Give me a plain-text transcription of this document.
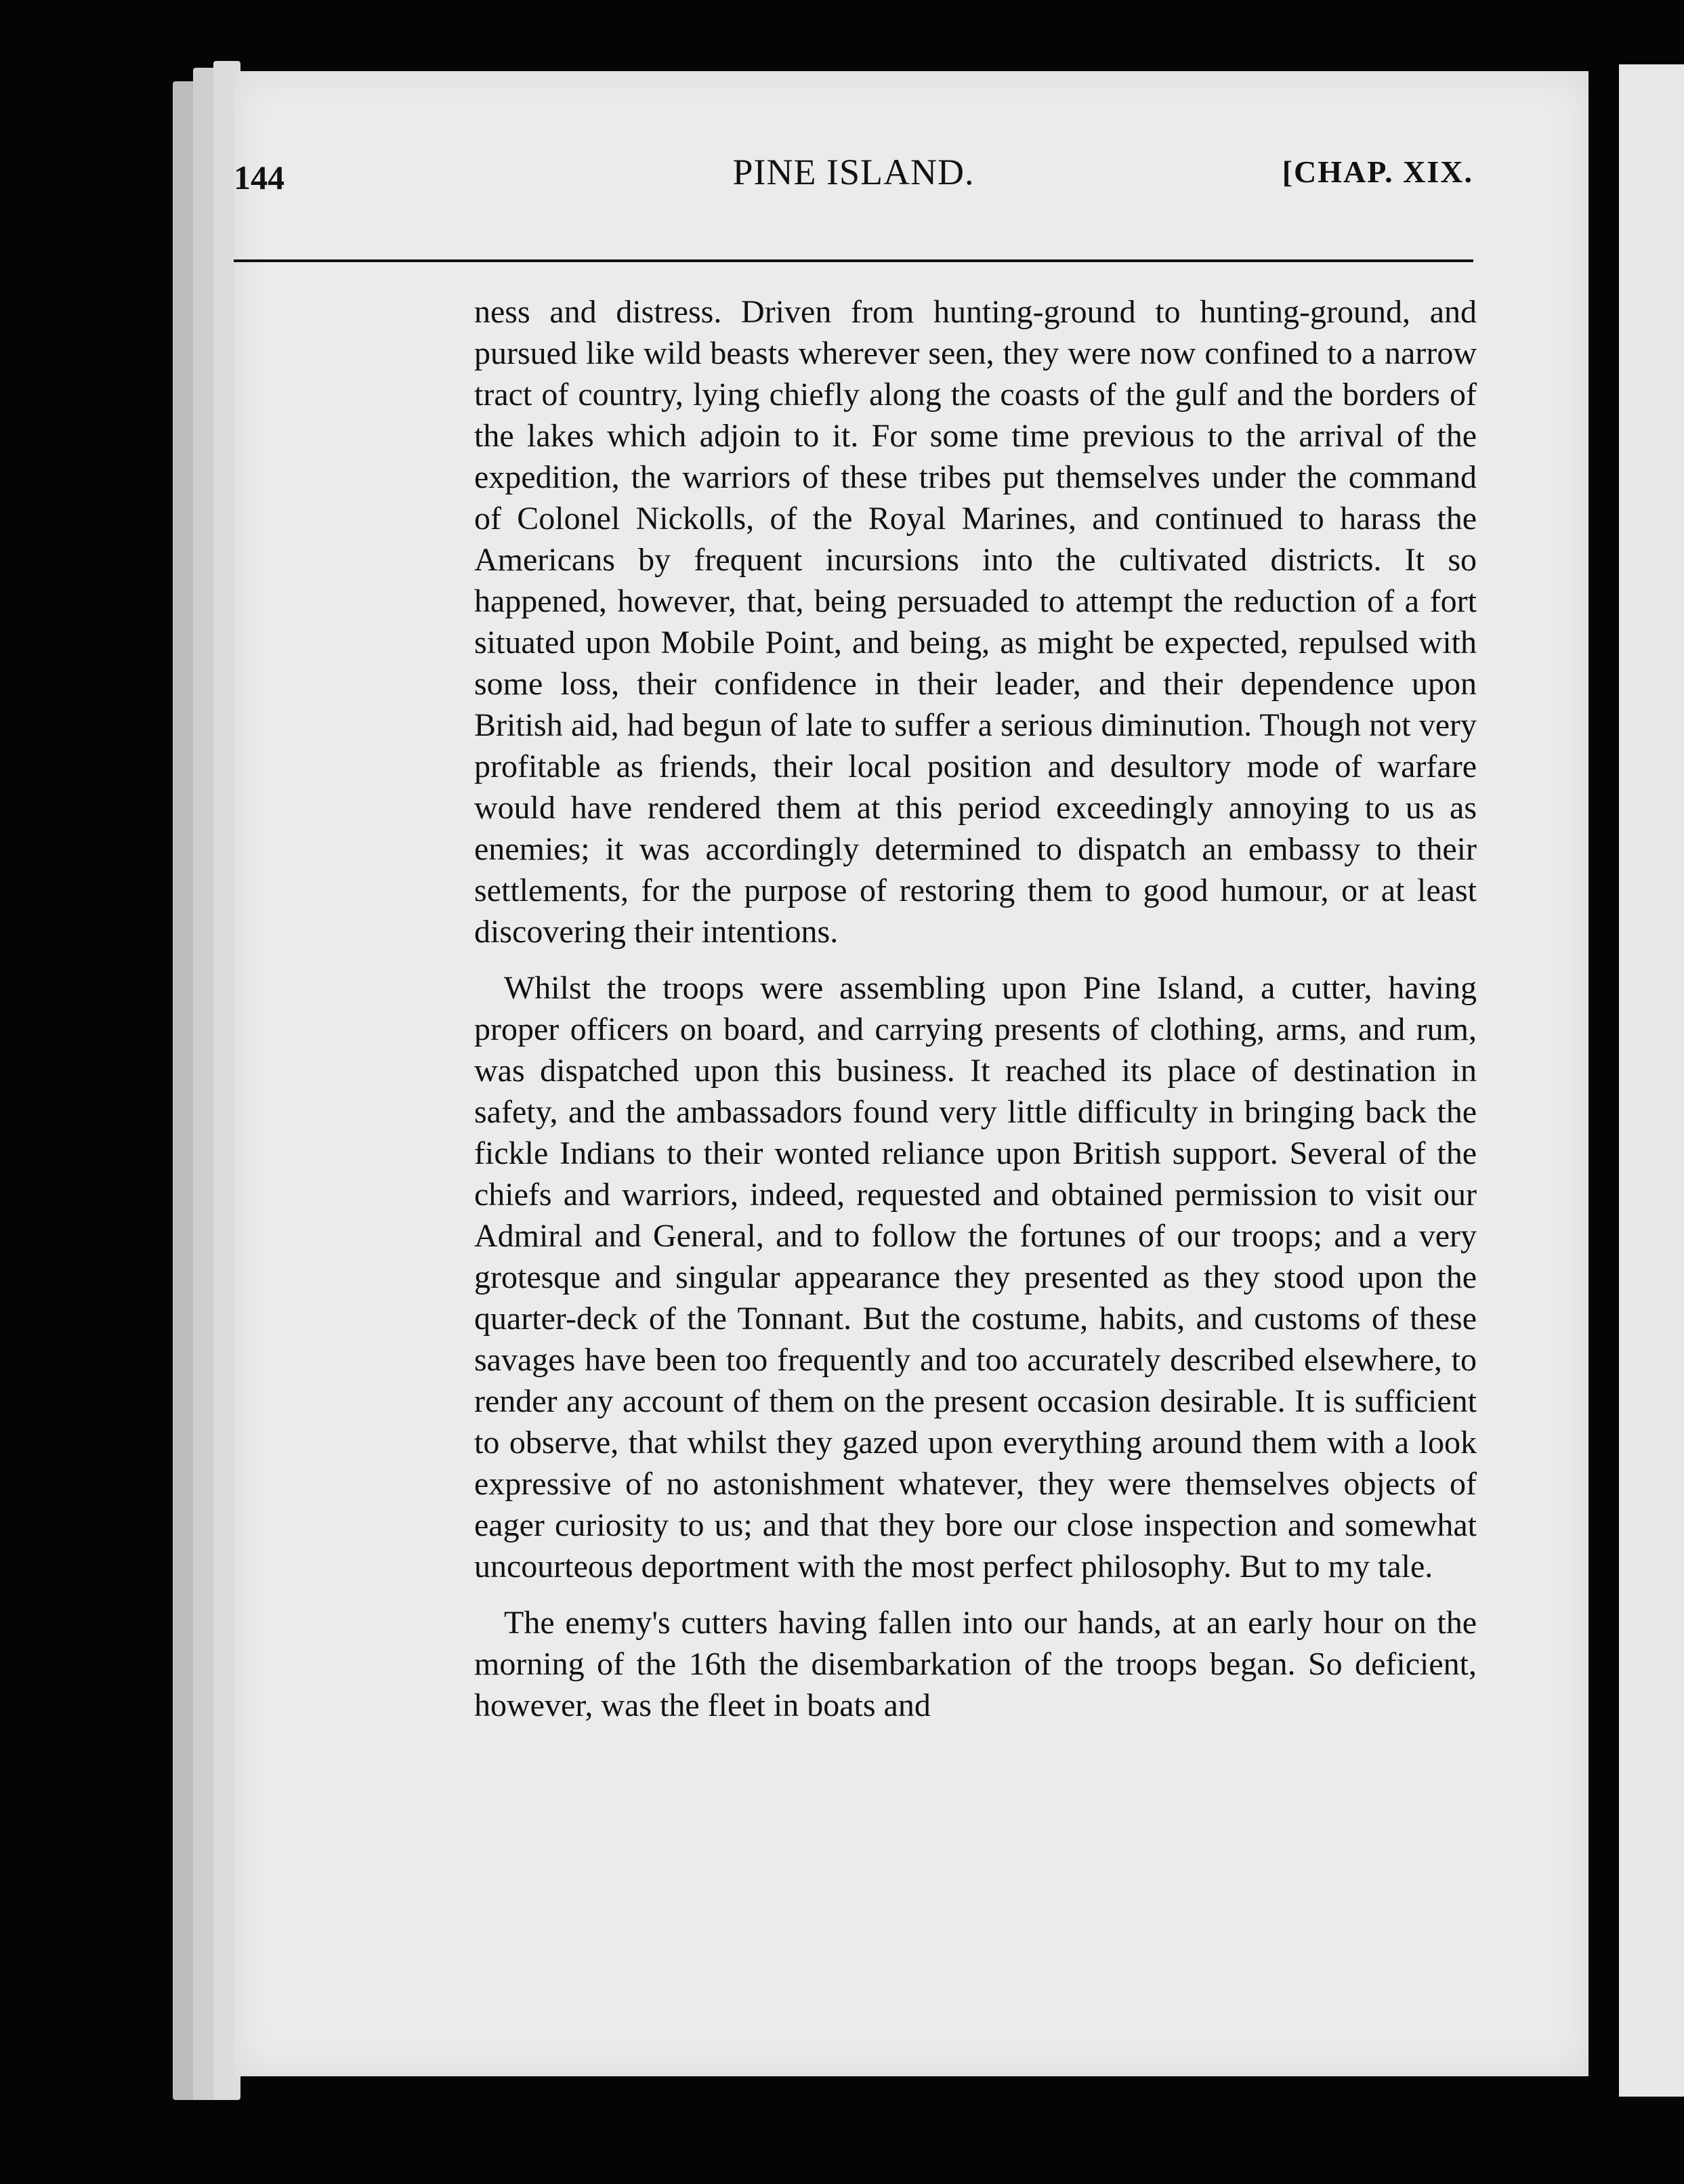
144	PINE ISLAND.	[CHAP. XIX.

ness and distress. Driven from hunting-ground to hunting-ground, and pursued like wild beasts wherever seen, they were now confined to a narrow tract of country, lying chiefly along the coasts of the gulf and the borders of the lakes which adjoin to it. For some time previous to the arrival of the expedition, the warriors of these tribes put themselves under the command of Colonel Nickolls, of the Royal Marines, and continued to harass the Americans by frequent incursions into the cultivated districts. It so happened, however, that, being persuaded to attempt the reduction of a fort situated upon Mobile Point, and being, as might be expected, repulsed with some loss, their confidence in their leader, and their dependence upon British aid, had begun of late to suffer a serious diminution. Though not very profitable as friends, their local position and desultory mode of warfare would have rendered them at this period exceedingly annoying to us as enemies; it was accordingly determined to dispatch an embassy to their settlements, for the purpose of restoring them to good humour, or at least discovering their intentions.

Whilst the troops were assembling upon Pine Island, a cutter, having proper officers on board, and carrying presents of clothing, arms, and rum, was dispatched upon this business. It reached its place of destination in safety, and the ambassadors found very little difficulty in bringing back the fickle Indians to their wonted reliance upon British support. Several of the chiefs and warriors, indeed, requested and obtained permission to visit our Admiral and General, and to follow the fortunes of our troops; and a very grotesque and singular appearance they presented as they stood upon the quarter-deck of the Tonnant. But the costume, habits, and customs of these savages have been too frequently and too accurately described elsewhere, to render any account of them on the present occasion desirable. It is sufficient to observe, that whilst they gazed upon everything around them with a look expressive of no astonishment whatever, they were themselves objects of eager curiosity to us; and that they bore our close inspection and somewhat uncourteous deportment with the most perfect philosophy. But to my tale.

The enemy's cutters having fallen into our hands, at an early hour on the morning of the 16th the disembarkation of the troops began. So deficient, however, was the fleet in boats and
